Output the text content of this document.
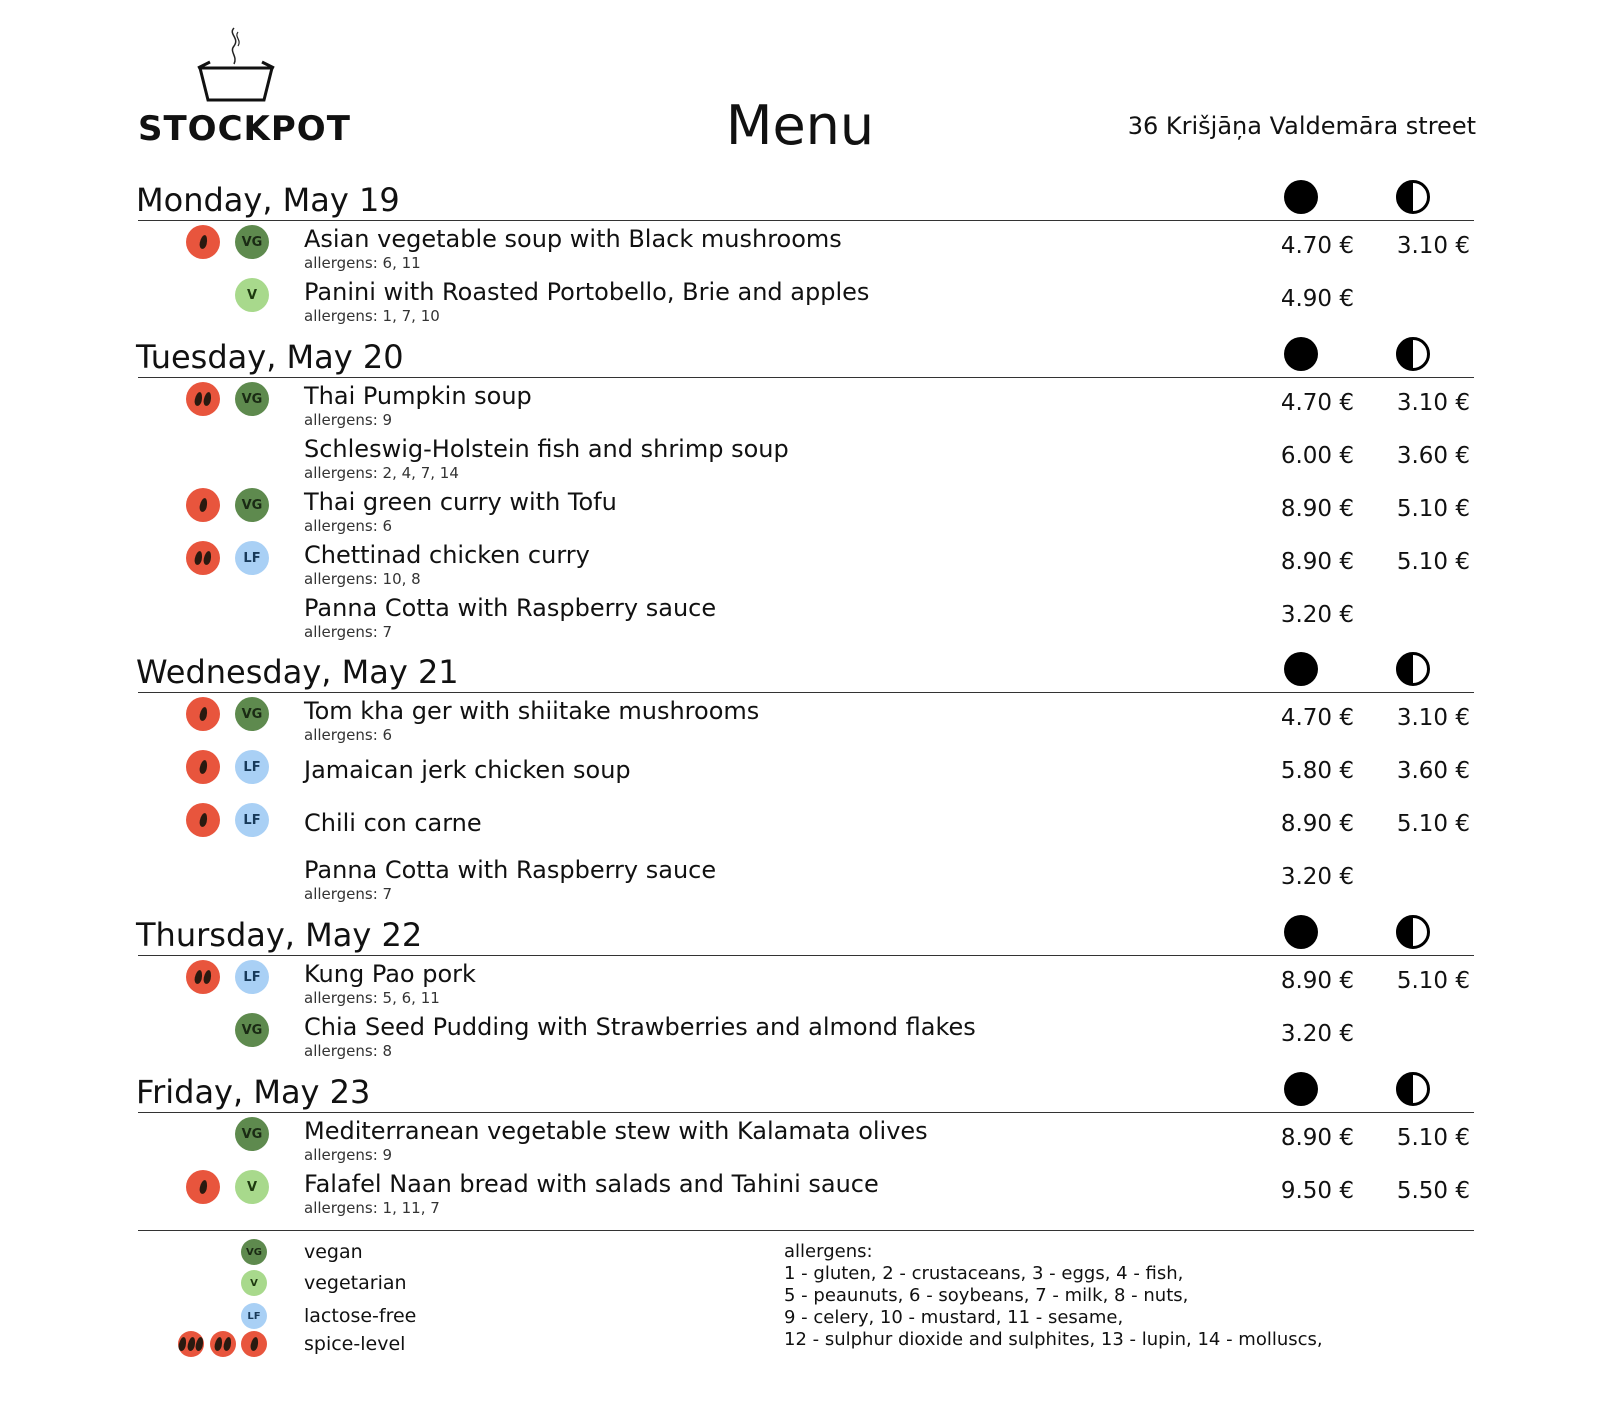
STOCKPOT	Menu	36 Krišjāņa Valdemāra street
Monday, May 19
VG Asian vegetable soup with Black mushrooms
allergens: 6, 11
4.70 € 3.10 €
V	Panini with Roasted Portobello, Brie and apples
allergens: 1, 7, 10
4.90 €
Tuesday, May 20
VG Thai Pumpkin soup
allergens: 9
4.70 € 3.10 €
Schleswig-Holstein fish and shrimp soup
allergens: 2, 4, 7, 14
6.00 € 3.60 €
VG Thai green curry with Tofu
allergens: 6
8.90 € 5.10 €
LF	Chettinad chicken curry
allergens: 10, 8
8.90 € 5.10 €
Panna Cotta with Raspberry sauce
allergens: 7
3.20 €
Wednesday, May 21
VG Tom kha ger with shiitake mushrooms
allergens: 6
4.70 € 3.10 €
LF	Jamaican jerk chicken soup	5.80 € 3.60 €
LF	Chili con carne	8.90 € 5.10 €
Panna Cotta with Raspberry sauce
allergens: 7
3.20 €
Thursday, May 22
LF	Kung Pao pork
allergens: 5, 6, 11
8.90 € 5.10 €
VG Chia Seed Pudding with Strawberries and almond flakes
allergens: 8
3.20 €
Friday, May 23
VG Mediterranean vegetable stew with Kalamata olives
allergens: 9
8.90 € 5.10 €
V	Falafel Naan bread with salads and Tahini sauce
allergens: 1, 11, 7
9.50 € 5.50 €
VG vegan
V	vegetarian
LF	lactose-free
spice-level
allergens:
1 - gluten, 2 - crustaceans, 3 - eggs, 4 - fish,
5 - peaunuts, 6 - soybeans, 7 - milk, 8 - nuts,
9 - celery, 10 - mustard, 11 - sesame,
12 - sulphur dioxide and sulphites, 13 - lupin, 14 - molluscs,
